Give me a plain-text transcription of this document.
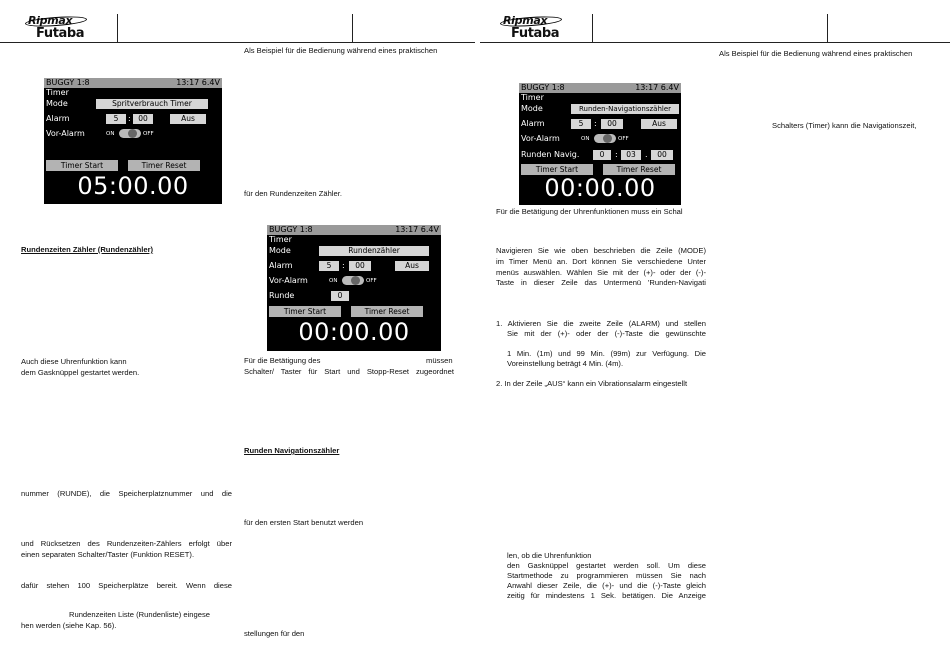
Ripmax
Futaba
Ripmax
Futaba
Als Beispiel für die Bedienung während eines praktischen	Als Beispiel für die Bedienung während eines praktischen
BUGGY 1:8	13:17 6.4V
Timer
Mode	Spritverbrauch Timer
Alarm	5	:	00	Aus
Vor-Alarm	ON	OFF
Timer Start	Timer Reset
05:00.00
BUGGY 1:8	13:17 6.4V
Timer
Mode	Rundenzähler
Alarm	5	:	00	Aus
Vor-Alarm	ON	OFF
Runde	0
Timer Start	Timer Reset
00:00.00
BUGGY 1:8	13:17 6.4V
Timer
Mode	Runden-Navigationszähler
Alarm	5	:	00	Aus
Vor-Alarm	ON	OFF
Runden Navig.	0	:	03	.	00
Timer Start	Timer Reset
00:00.00
Rundenzeiten Zähler (Rundenzähler)
Auch diese Uhrenfunktion kann
dem Gasknüppel gestartet werden.
nummer (RUNDE), die Speicherplatznummer und die
und Rücksetzen des Rundenzeiten-Zählers erfolgt über
einen separaten Schalter/Taster (Funktion RESET).
dafür stehen 100 Speicherplätze bereit. Wenn diese
Rundenzeiten Liste (Rundenliste) eingese
hen werden (siehe Kap. 56).
für den Rundenzeiten Zähler.
Für die Betätigung des	müssen
Schalter/ Taster für Start und Stopp-Reset zugeordnet
Runden Navigationszähler
für den ersten Start benutzt werden
stellungen für den
Für die Betätigung der Uhrenfunktionen muss ein Schal
Navigieren Sie wie oben beschrieben die Zeile (MODE)
im Timer Menü an. Dort können Sie verschiedene Unter
menüs auswählen. Wählen Sie mit der (+)- oder der (-)-
Taste in dieser Zeile das Untermenü 'Runden-Navigati
1. Aktivieren Sie die zweite Zeile (ALARM) und stellen
Sie mit der (+)- oder der (-)-Taste die gewünschte
1 Min. (1m) und 99 Min. (99m) zur Verfügung. Die
Voreinstellung beträgt 4 Min. (4m).
2. In der Zeile „AUS“ kann ein Vibrationsalarm eingestellt
len, ob die Uhrenfunktion
den Gasknüppel gestartet werden soll. Um diese
Startmethode zu programmieren müssen Sie nach
Anwahl dieser Zeile, die (+)- und die (-)-Taste gleich
zeitig für mindestens 1 Sek. betätigen. Die Anzeige
Schalters (Timer) kann die Navigationszeit,
